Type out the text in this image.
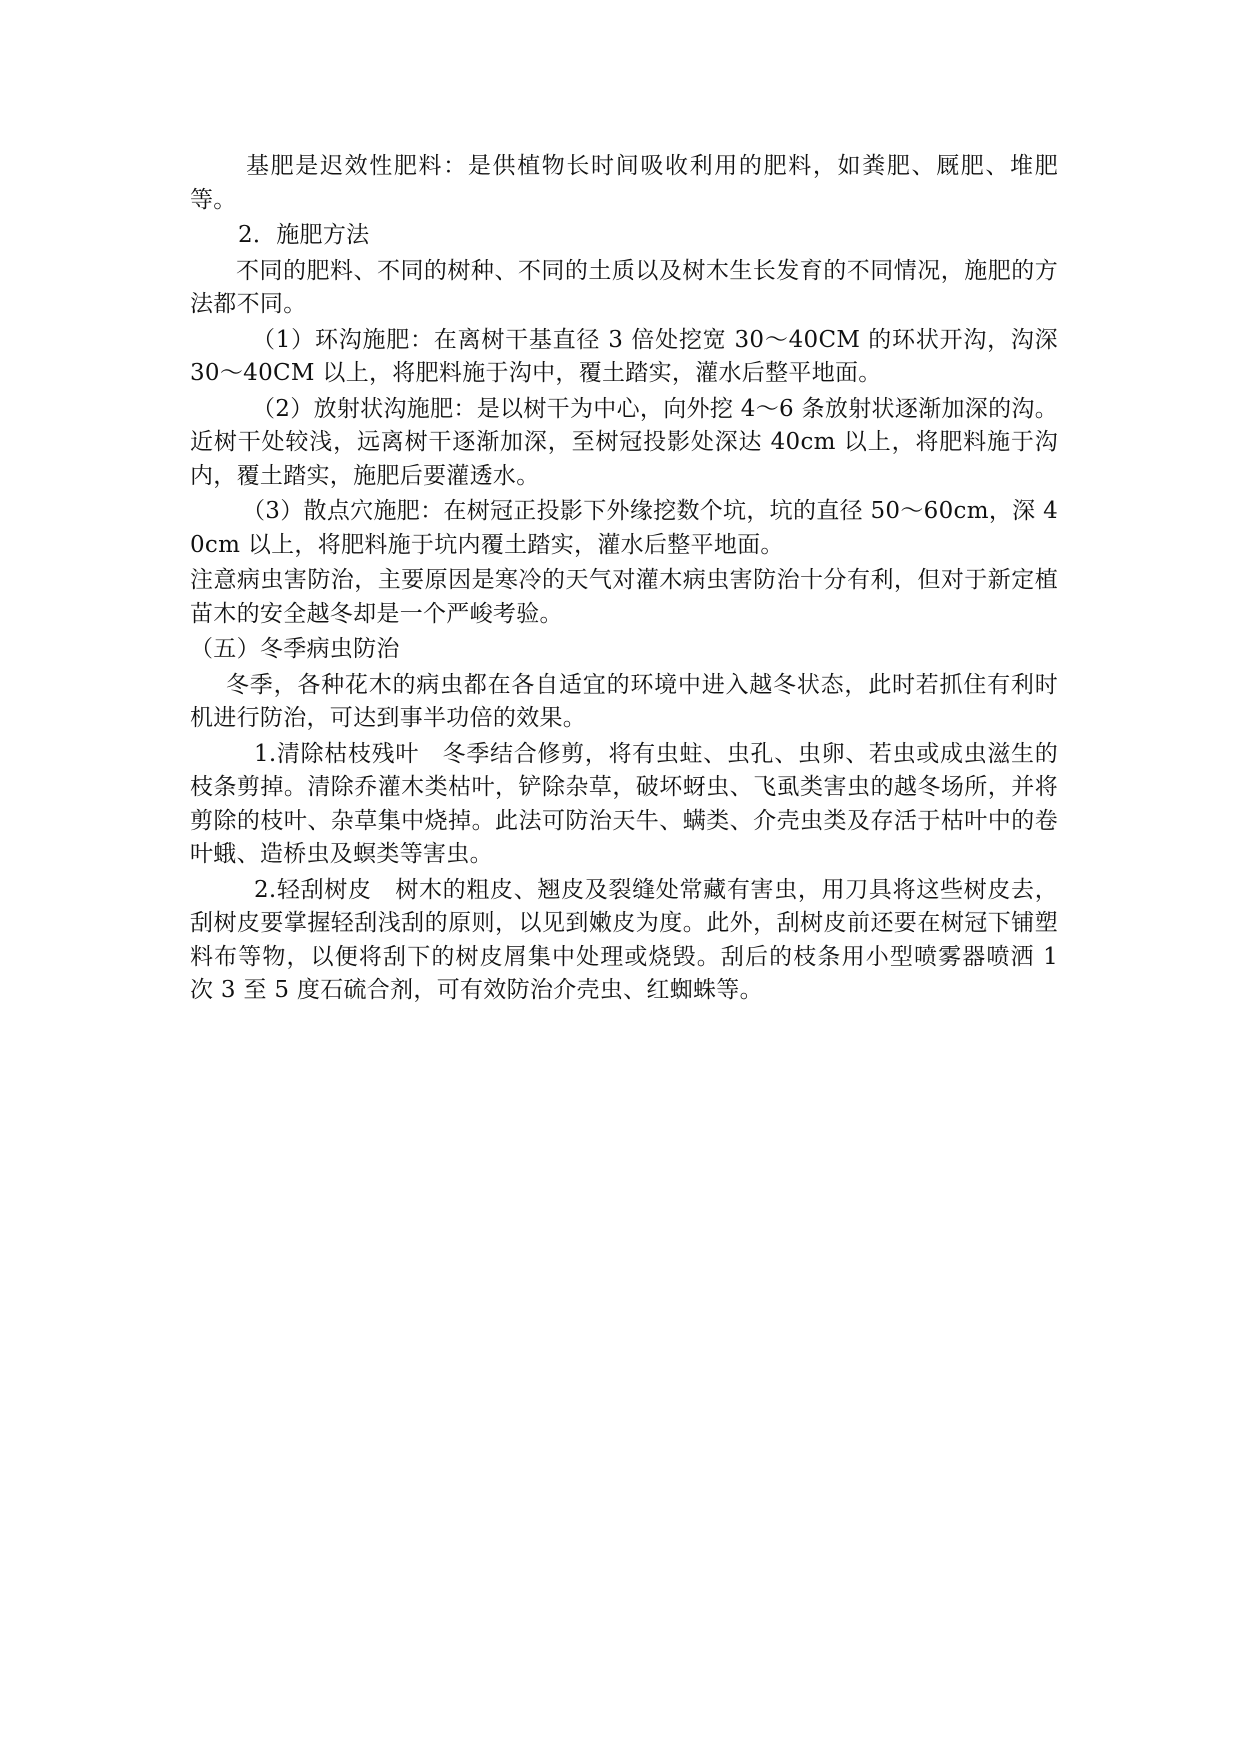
基肥是迟效性肥料：是供植物长时间吸收利用的肥料，如粪肥、厩肥、堆肥等。

2．施肥方法

不同的肥料、不同的树种、不同的土质以及树木生长发育的不同情况，施肥的方法都不同。

（1）环沟施肥：在离树干基直径 3 倍处挖宽 30～40CM 的环状开沟，沟深 30～40CM 以上，将肥料施于沟中，覆土踏实，灌水后整平地面。

（2）放射状沟施肥：是以树干为中心，向外挖 4～6 条放射状逐渐加深的沟。近树干处较浅，远离树干逐渐加深，至树冠投影处深达 40cm 以上，将肥料施于沟内，覆土踏实，施肥后要灌透水。

（3）散点穴施肥：在树冠正投影下外缘挖数个坑，坑的直径 50～60cm，深 40cm 以上，将肥料施于坑内覆土踏实，灌水后整平地面。

注意病虫害防治，主要原因是寒冷的天气对灌木病虫害防治十分有利，但对于新定植苗木的安全越冬却是一个严峻考验。

（五）冬季病虫防治

冬季，各种花木的病虫都在各自适宜的环境中进入越冬状态，此时若抓住有利时机进行防治，可达到事半功倍的效果。

1.清除枯枝残叶　冬季结合修剪，将有虫蛀、虫孔、虫卵、若虫或成虫滋生的枝条剪掉。清除乔灌木类枯叶，铲除杂草，破坏蚜虫、飞虱类害虫的越冬场所，并将剪除的枝叶、杂草集中烧掉。此法可防治天牛、螨类、介壳虫类及存活于枯叶中的卷叶蛾、造桥虫及螟类等害虫。

2.轻刮树皮　树木的粗皮、翘皮及裂缝处常藏有害虫，用刀具将这些树皮去，刮树皮要掌握轻刮浅刮的原则，以见到嫩皮为度。此外，刮树皮前还要在树冠下铺塑料布等物，以便将刮下的树皮屑集中处理或烧毁。刮后的枝条用小型喷雾器喷洒 1 次 3 至 5 度石硫合剂，可有效防治介壳虫、红蜘蛛等。
